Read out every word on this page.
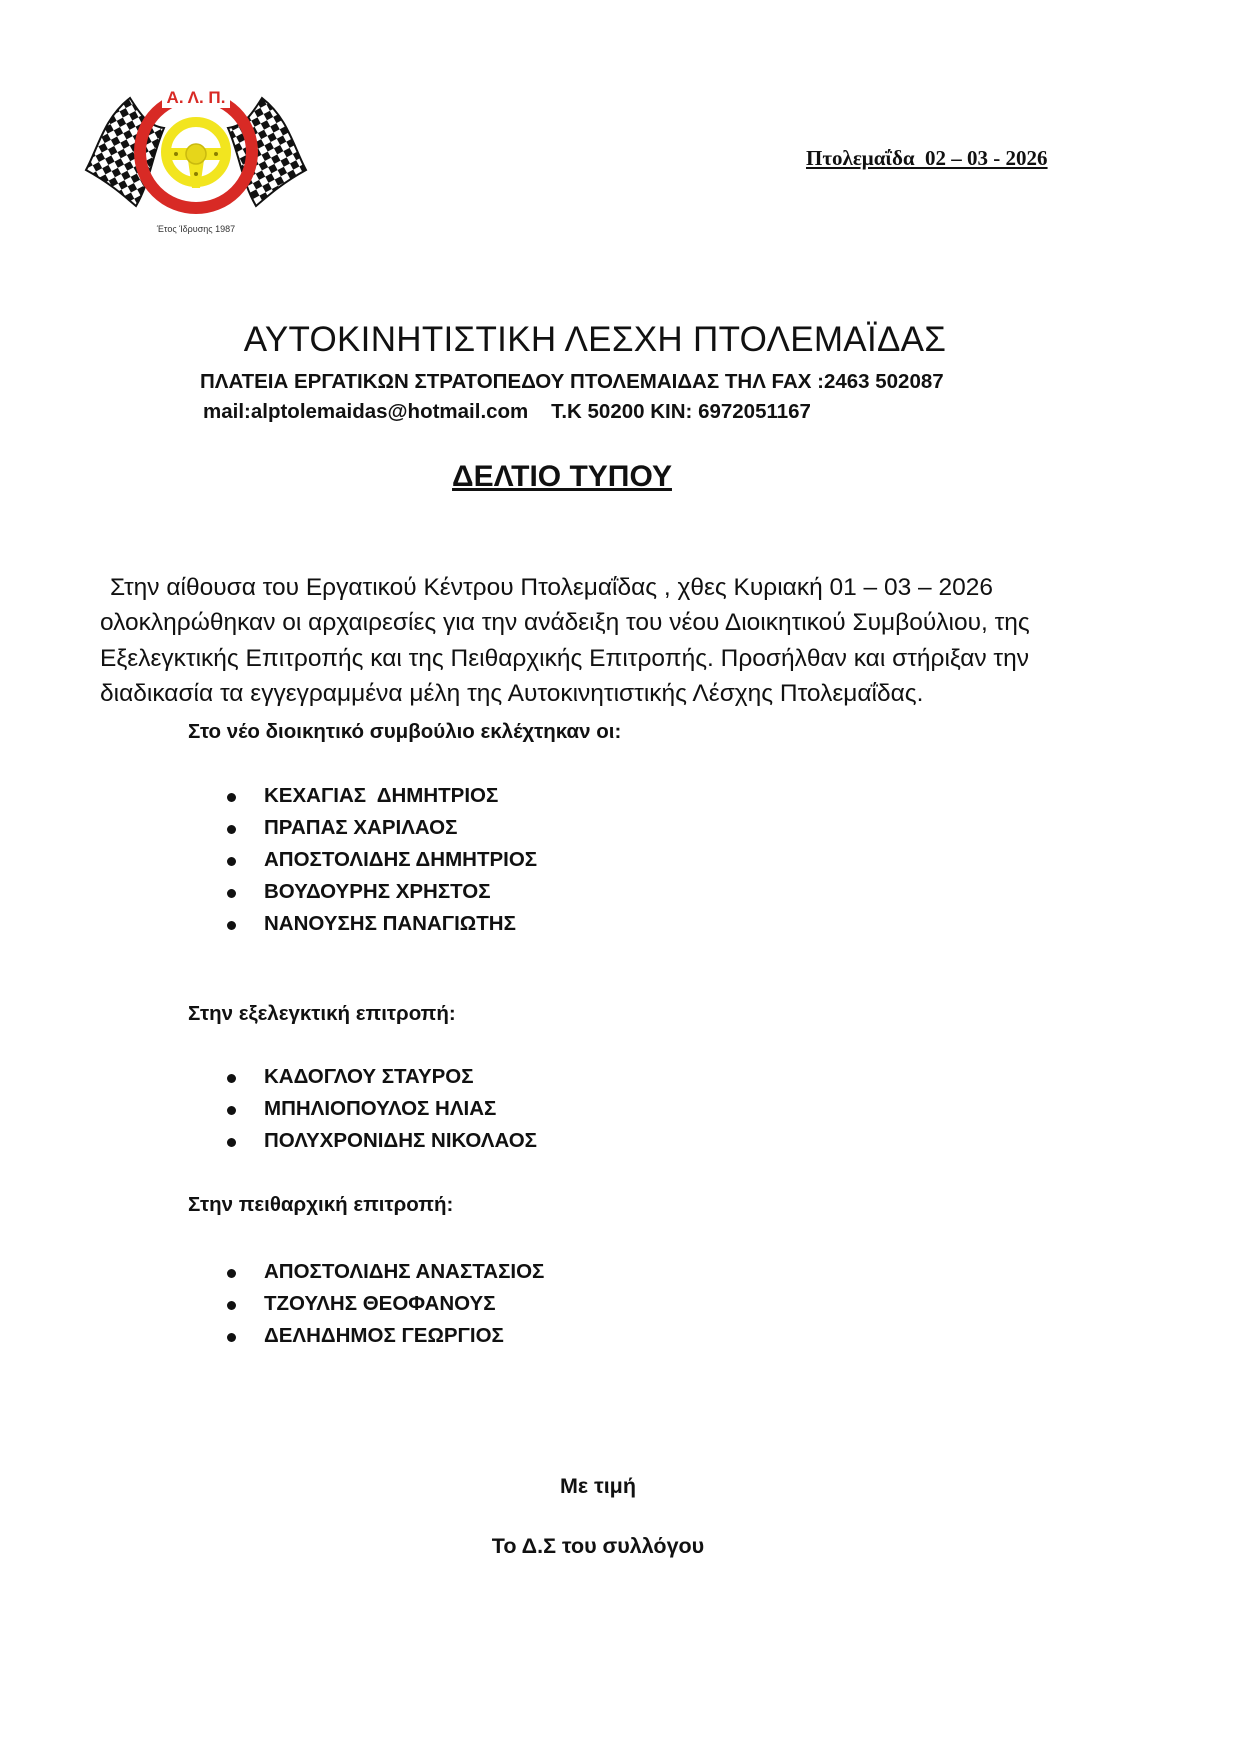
Α. Λ. Π.
Έτος Ίδρυσης 1987
Πτολεμαΐδα  02 – 03 - 2026
ΑΥΤΟΚΙΝΗΤΙΣΤΙΚΗ ΛΕΣΧΗ ΠΤΟΛΕΜΑΪΔΑΣ
ΠΛΑΤΕΙΑ ΕΡΓΑΤΙΚΩΝ ΣΤΡΑΤΟΠΕΔΟΥ ΠΤΟΛΕΜΑΙΔΑΣ ΤΗΛ FAX :2463 502087
mail:alptolemaidas@hotmail.com    Τ.Κ 50200 ΚΙΝ: 6972051167
ΔΕΛΤΙΟ ΤΥΠΟΥ

Στην αίθουσα του Εργατικού Κέντρου Πτολεμαΐδας , χθες Κυριακή 01 – 03 – 2026 ολοκληρώθηκαν οι αρχαιρεσίες για την ανάδειξη του νέου Διοικητικού Συμβούλιου, της Εξελεγκτικής Επιτροπής και της Πειθαρχικής Επιτροπής. Προσήλθαν και στήριξαν την διαδικασία τα εγγεγραμμένα μέλη της Αυτοκινητιστικής Λέσχης Πτολεμαΐδας.

Στο νέο διοικητικό συμβούλιο εκλέχτηκαν οι:
ΚΕΧΑΓΙΑΣ  ΔΗΜΗΤΡΙΟΣ
ΠΡΑΠΑΣ ΧΑΡΙΛΑΟΣ
ΑΠΟΣΤΟΛΙΔΗΣ ΔΗΜΗΤΡΙΟΣ
ΒΟΥΔΟΥΡΗΣ ΧΡΗΣΤΟΣ
ΝΑΝΟΥΣΗΣ ΠΑΝΑΓΙΩΤΗΣ
Στην εξελεγκτική επιτροπή:
ΚΑΔΟΓΛΟΥ ΣΤΑΥΡΟΣ
ΜΠΗΛΙΟΠΟΥΛΟΣ ΗΛΙΑΣ
ΠΟΛΥΧΡΟΝΙΔΗΣ ΝΙΚΟΛΑΟΣ
Στην πειθαρχική επιτροπή:
ΑΠΟΣΤΟΛΙΔΗΣ ΑΝΑΣΤΑΣΙΟΣ
ΤΖΟΥΛΗΣ ΘΕΟΦΑΝΟΥΣ
ΔΕΛΗΔΗΜΟΣ ΓΕΩΡΓΙΟΣ
Με τιμή
Το Δ.Σ του συλλόγου
